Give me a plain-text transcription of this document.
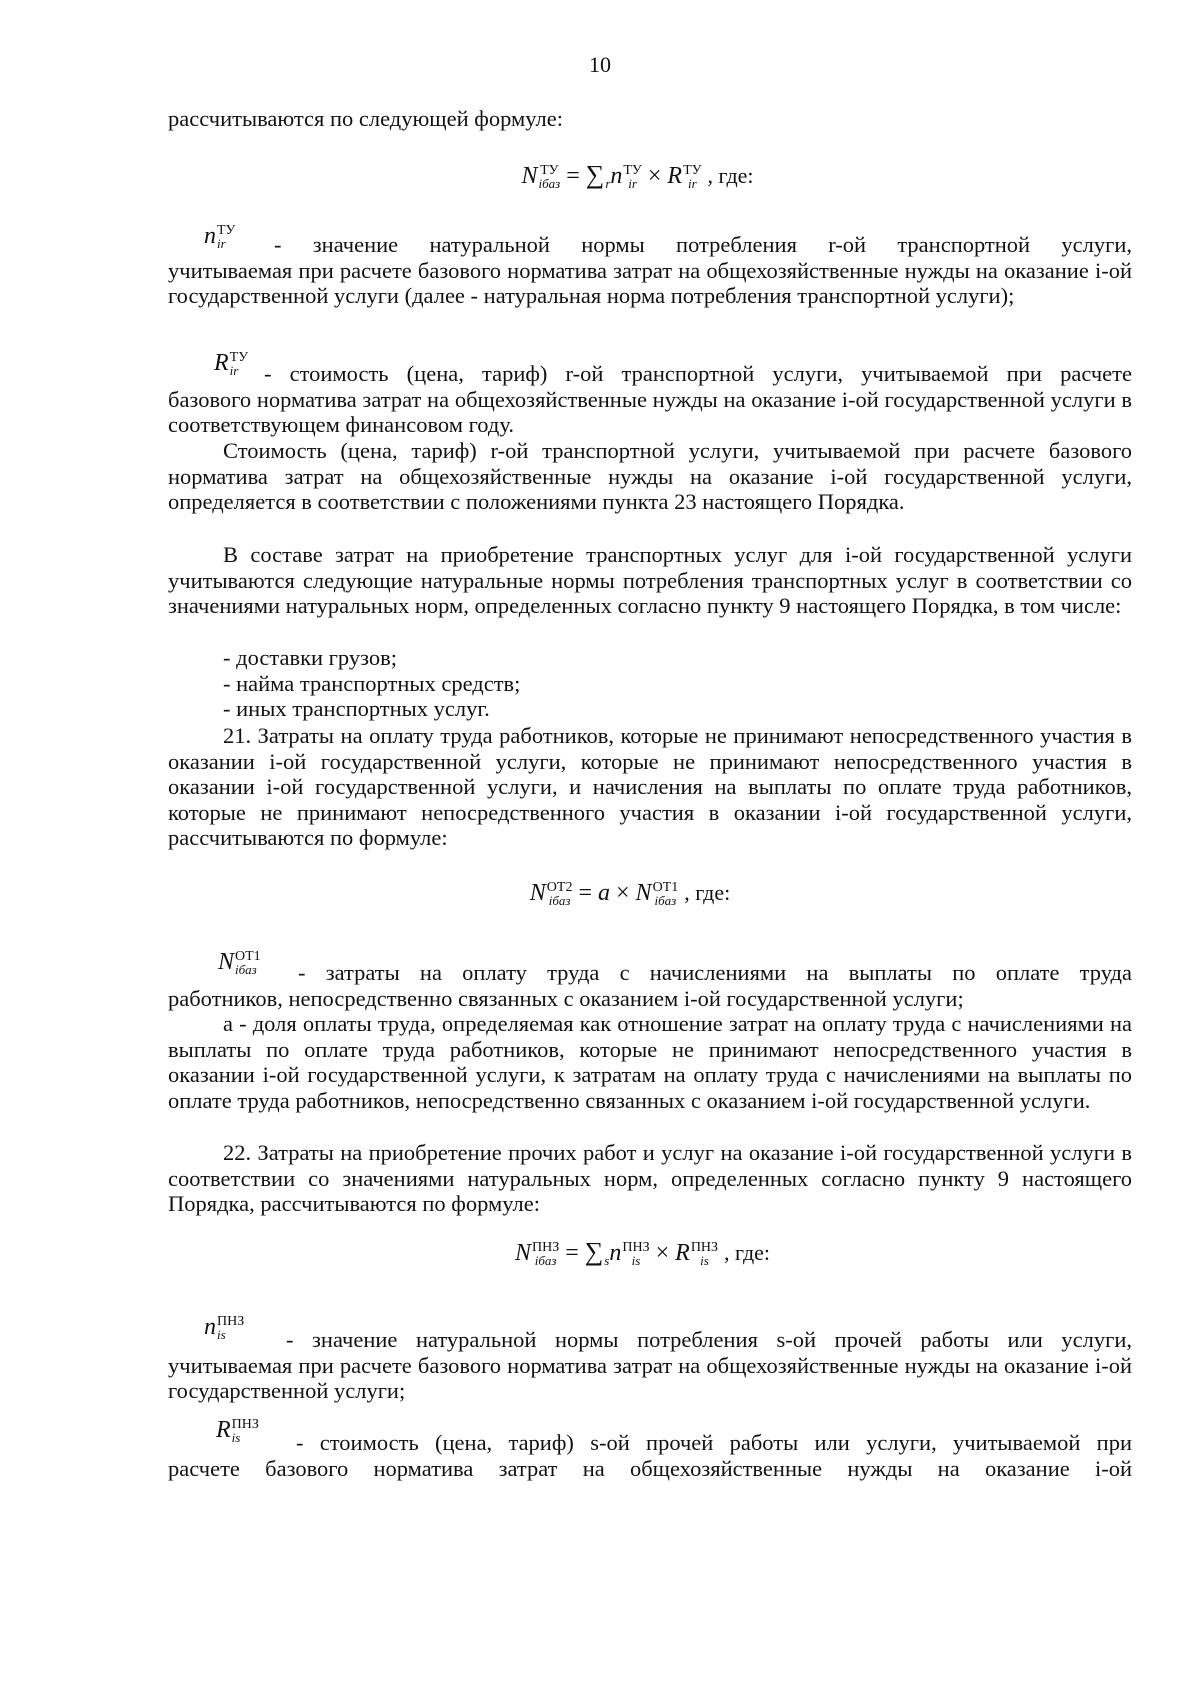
10
рассчитываются по следующей формуле:
N ТУ
iбаз = ∑
r n ТУ
ir × R ТУ
ir , где:
n ТУ
ir	- значение натуральной нормы потребления r-ой транспортной услуги,
учитываемая при расчете базового норматива затрат на общехозяйственные нужды на оказание i-ой государственной услуги (далее - натуральная норма потребления транспортной услуги);
R ТУ
ir	- стоимость (цена, тариф) r-ой транспортной услуги, учитываемой при расчете
базового норматива затрат на общехозяйственные нужды на оказание i-ой государственной услуги в соответствующем финансовом году.
Стоимость (цена, тариф) r-ой транспортной услуги, учитываемой при расчете базового норматива затрат на общехозяйственные нужды на оказание i-ой государственной услуги, определяется в соответствии с положениями пункта 23 настоящего Порядка.
В составе затрат на приобретение транспортных услуг для i-ой государственной услуги учитываются следующие натуральные нормы потребления транспортных услуг в соответствии со значениями натуральных норм, определенных согласно пункту 9 настоящего Порядка, в том числе:
- доставки грузов;
- найма транспортных средств;
- иных транспортных услуг.
21. Затраты на оплату труда работников, которые не принимают непосредственного участия в оказании i-ой государственной услуги, которые не принимают непосредственного участия в оказании i-ой государственной услуги, и начисления на выплаты по оплате труда работников, которые не принимают непосредственного участия в оказании i-ой государственной услуги, рассчитываются по формуле:
N ОТ2
iбаз = a × N ОТ1
iбаз , где:
N ОТ1
iбаз	- затраты на оплату труда с начислениями на выплаты по оплате труда
работников, непосредственно связанных с оказанием i-ой государственной услуги;
а - доля оплаты труда, определяемая как отношение затрат на оплату труда с начислениями на выплаты по оплате труда работников, которые не принимают непосредственного участия в оказании i-ой государственной услуги, к затратам на оплату труда с начислениями на выплаты по оплате труда работников, непосредственно связанных с оказанием i-ой государственной услуги.
22. Затраты на приобретение прочих работ и услуг на оказание i-ой государственной услуги в соответствии со значениями натуральных норм, определенных согласно пункту 9 настоящего Порядка, рассчитываются по формуле:
N ПНЗ
iбаз = ∑
s n ПНЗ
is × R ПНЗ
is , где:
n ПНЗ
is	- значение натуральной нормы потребления s-ой прочей работы или услуги,
учитываемая при расчете базового норматива затрат на общехозяйственные нужды на оказание i-ой государственной услуги;
R ПНЗ
is	- стоимость (цена, тариф) s-ой прочей работы или услуги, учитываемой при
расчете базового норматива затрат на общехозяйственные нужды на оказание i-ой
